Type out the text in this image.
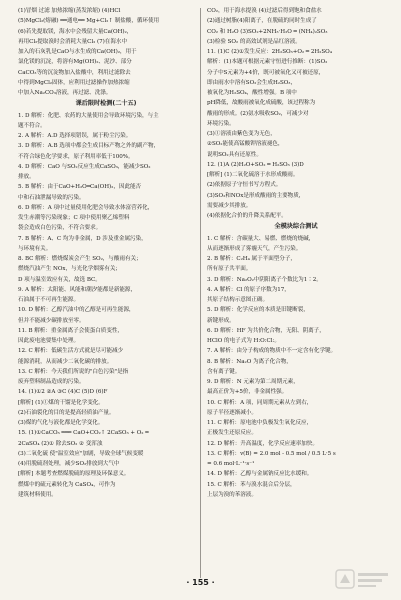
(1)冒烟 过滤 加热浓缩(蒸发浓缩) (4)HCl

(5)MgCl₂(熔融) ══通电══ Mg+Cl₂↑ 制盐酸，循环使用

(6)若先提取镁，海水中会残留大量Ca(OH)₂，

再用Cl₂提取溴时会消耗大量Cl₂ (7)在海水中

加入的石灰乳是CaO与水生成的Ca(OH)₂，用于

氯化镁的沉淀，将溶有Mg(OH)₂、泥沙、部分

CaCO₃等的沉淀物加入盐酸中，利用过滤除去

中得到MgCl₂固体，应利用过滤操作加热浓缩

中加入Na₂CO₃溶液，再过滤、洗涤。

课后限时检测(二十五)

1. D 解析：化肥、农药的大量使用会导致环境污染，与主

题不符合。

2. A 解析：A.D 选择项错误，属于粉尘污染。

3. D 解析：A.B 选项中都会生成目标产物之外的副产物，

不符合绿色化学要求，原子利用率低于100%。

4. D 解析：CaO 与SO₂反应生成CaSO₃，能减少SO₂

排放。

5. B 解析：由于CaO+H₂O═Ca(OH)₂，因此能否

中和石油泄漏导致的污染。

6. D 解析：A 项中过量使用化肥会导致水体富营养化，

发生赤潮等污染现象；C 项中使用聚乙烯塑料

袋会造成白色污染，不符合要求。

7. B 解析：A、C 均为非金属，D 涉及重金属污染，

与环境有关。

8. BC 解析：燃烧煤炭会产生 SO₂，与酸雨有关；

燃烧汽油产生 NOx，与光化学烟雾有关；

D 项与温室效应有关，故选 BC。

9. A 解析：太阳能、风能和潮汐能都是新能源，

石油属于不可再生能源。

10. D 解析：乙醇汽油中的乙醇是可再生能源，

但并不能减少碳排放至零。

11. B 解析：重金属离子会使蛋白质变性，

因此废电池要集中处理。

12. C 解析：低碳生活方式就是尽可能减少

能源消耗，从而减少二氧化碳的排放。

13. C 解析：今天我们所说的"白色污染"是指

废弃塑料制品造成的污染。

14. (1)①2 ②A ③C (4)C (5)D (6)F

[解析] (1)①煤的干馏是化学变化。

(2)石油裂化的目的是提高轻质油产量。

(3)煤的气化与液化都是化学变化。

15. (1)①CaCO₃ ═══ CaO+CO₂↑ 2CaSO₃ + O₂ ═

2CaSO₄ (2)① 除去SO₂ ② 变浑浊

(3)二氧化硫 使"温室效应"加剧，导致全球气候变暖

(4)用脱硫剂处理，减少SO₂排放到大气中

[解析] 本题考查燃煤脱硫的原理及环保意义。

燃煤中的硫元素转化为 CaSO₄，可作为

建筑材料使用。

CO₂，用于海水提溴 (4)过滤后得到饱和食盐水

(2)通过树脂(4)阳离子，在脱硫的同时生成了

CO₂ 和 H₂O (3)SO₂+2NH₃·H₂O ═ (NH₄)₂SO₃

(3)检验 SO₂ 的高效试剂是品红溶液。

11. (1)C (2)①发生反应：2H₂SO₃+O₂ ═ 2H₂SO₄

解析：(1)本题可根据元素守恒进行推断：(1)SO₂

分子中S元素为+4价，既可被氧化又可被还原，

即由雨水中溶有SO₂会生成H₂SO₃，

被氧化为H₂SO₄，酸性增强。B 项中

pH降低，故酸雨被氧化成硫酸，该过程称为

酸雨的形成。(2)氨水吸收SO₂，可减少对

环境污染。

(3)①溶液由紫色变为无色，

②SO₂能使高锰酸钾溶液褪色，

说明SO₂具有还原性。

12. (1)A (2)H₂O+SO₂ ═ H₂SO₃ (3)D

[解析] (1)二氧化硫溶于水形成酸雨。

(2)依据原子守恒书写方程式。

(3)SO₂和NOx是形成酸雨的主要物质，

需要减少其排放。

(4)依据化合价的升降关系配平。

全模块综合测试

1. C 解析：含碳量大、易燃、燃烧的烧碱，

从而逐渐形成了雾霾天气，产生污染。

2. B 解析：C₂H₄ 属于平面型分子，

所有原子共平面。

3. D 解析：Na₂O₂中阴阳离子个数比为1∶2。

4. A 解析：Cl 的原子序数为17，

其原子结构示意图正确。

5. D 解析：化学反应的本质是旧键断裂，

新键形成。

6. D 解析：HF 为共价化合物，无阳、阴离子，

HClO 的电子式为 H:O:Cl:。

7. A 解析：由分子构成的物质中不一定含有化学键。

8. B 解析：Na₂O 为离子化合物，

含有离子键。

9. D 解析：N 元素为第二周期元素，

最高正价为+5价，非金属性强。

10. C 解析：A 项，同周期元素从左到右，

原子半径逐渐减小。

11. C 解析：原电池中负极发生氧化反应，

正极发生还原反应。

12. D 解析：升高温度，化学反应速率加快。

13. C 解析：v(B) = 2.0 mol - 0.5 mol / 0.5 L·5 s

= 0.6 mol·L⁻¹·s⁻¹

14. D 解析：乙醇与金属钠反应比水缓和。

15. C 解析：苯与溴水混合后分层，

上层为溴的苯溶液。

· 155 ·
